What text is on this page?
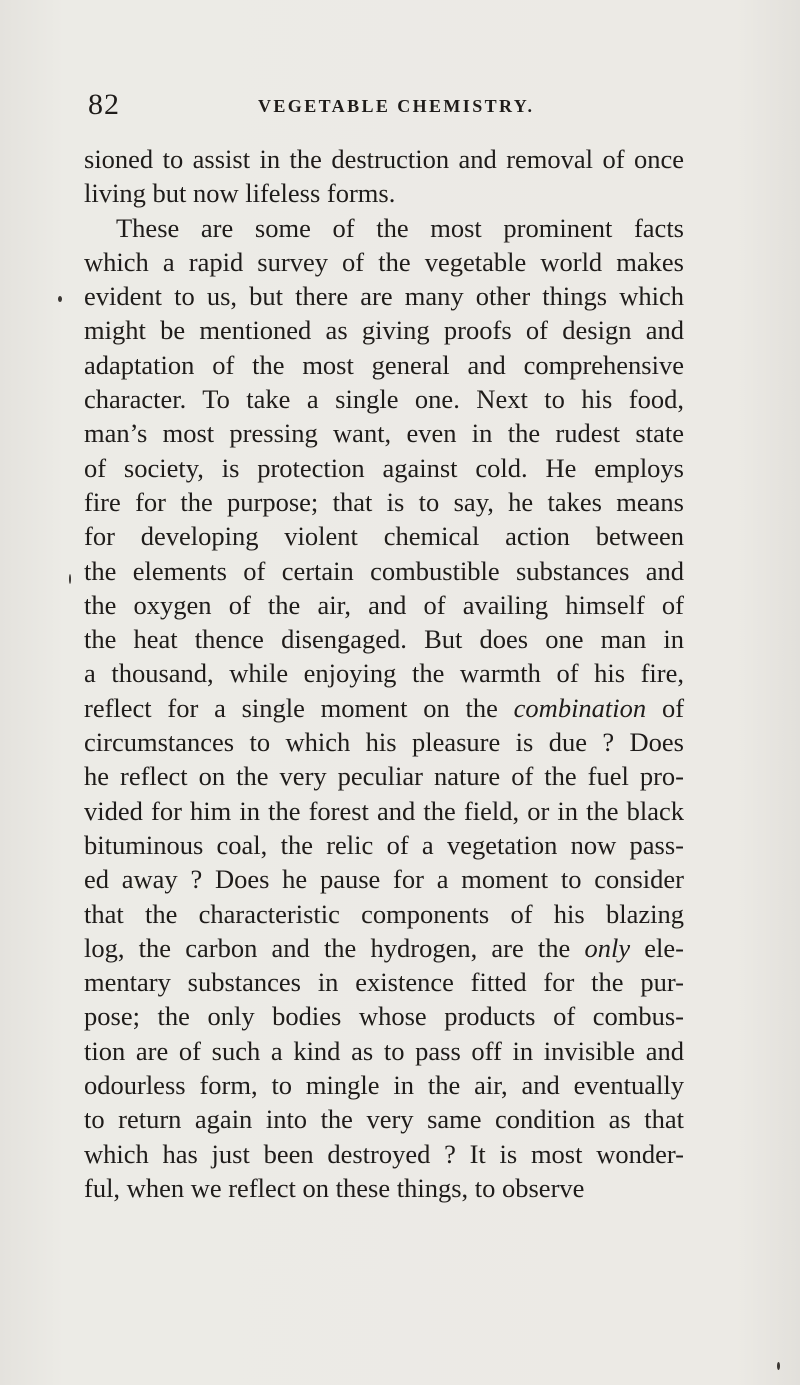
82	VEGETABLE CHEMISTRY.
sioned to assist in the destruction and removal of once
living but now lifeless forms.
These are some of the most prominent facts
which a rapid survey of the vegetable world makes
evident to us, but there are many other things which
might be mentioned as giving proofs of design and
adaptation of the most general and comprehensive
character. To take a single one. Next to his food,
man’s most pressing want, even in the rudest state
of society, is protection against cold. He employs
fire for the purpose; that is to say, he takes means
for developing violent chemical action between
the elements of certain combustible substances and
the oxygen of the air, and of availing himself of
the heat thence disengaged. But does one man in
a thousand, while enjoying the warmth of his fire,
reflect for a single moment on the combination of
circumstances to which his pleasure is due ? Does
he reflect on the very peculiar nature of the fuel pro-
vided for him in the forest and the field, or in the black
bituminous coal, the relic of a vegetation now pass-
ed away ? Does he pause for a moment to consider
that the characteristic components of his blazing
log, the carbon and the hydrogen, are the only ele-
mentary substances in existence fitted for the pur-
pose; the only bodies whose products of combus-
tion are of such a kind as to pass off in invisible and
odourless form, to mingle in the air, and eventually
to return again into the very same condition as that
which has just been destroyed ? It is most wonder-
ful, when we reflect on these things, to observe
